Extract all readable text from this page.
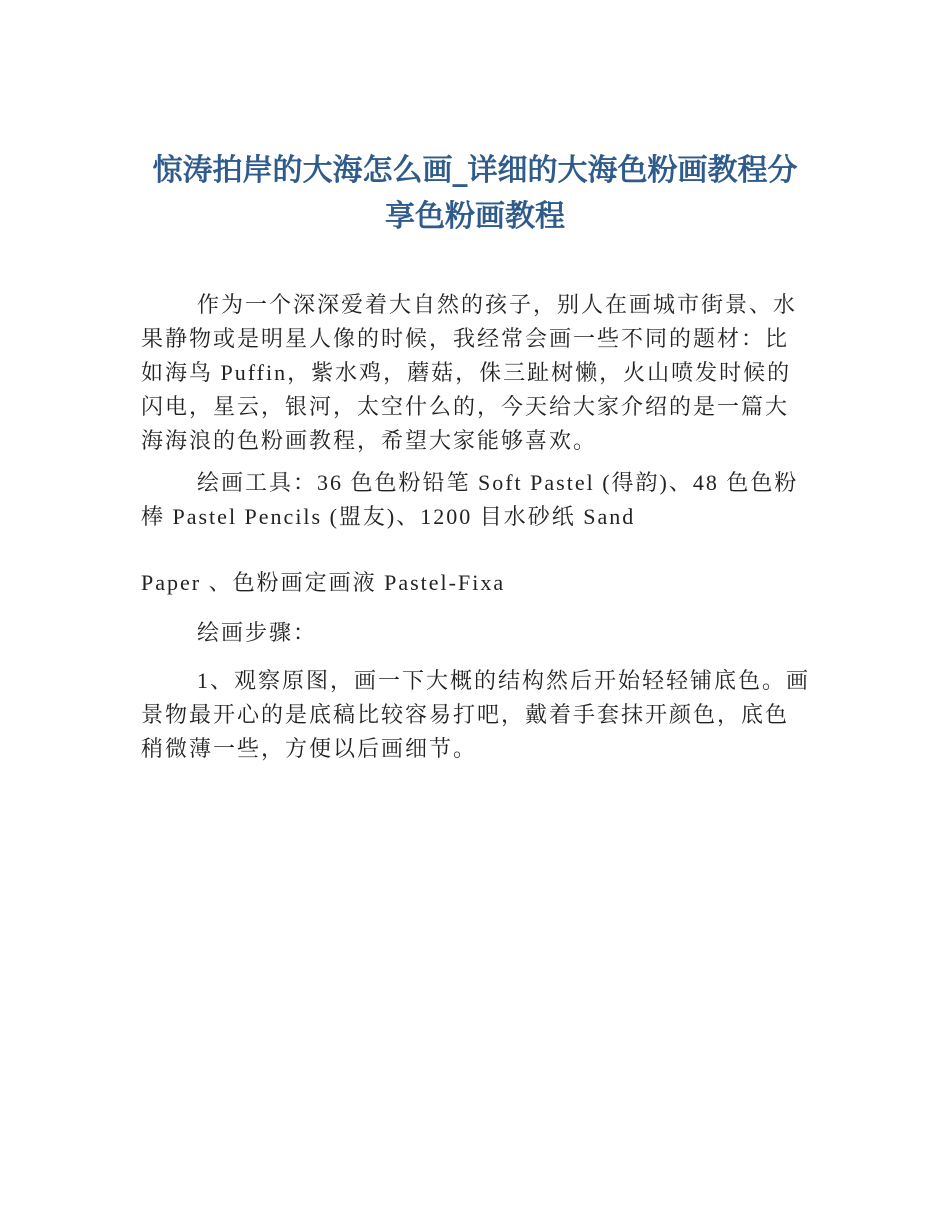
惊涛拍岸的大海怎么画_详细的大海色粉画教程分享色粉画教程

作为一个深深爱着大自然的孩子，别人在画城市街景、水果静物或是明星人像的时候，我经常会画一些不同的题材：比如海鸟 Puffin，紫水鸡，蘑菇，侏三趾树懒，火山喷发时候的闪电，星云，银河，太空什么的，今天给大家介绍的是一篇大海海浪的色粉画教程，希望大家能够喜欢。

绘画工具：36 色色粉铅笔 Soft Pastel (得韵)、48 色色粉棒 Pastel Pencils (盟友)、1200 目水砂纸 Sand

Paper 、色粉画定画液 Pastel-Fixa

绘画步骤：

1、观察原图，画一下大概的结构然后开始轻轻铺底色。画景物最开心的是底稿比较容易打吧，戴着手套抹开颜色，底色稍微薄一些，方便以后画细节。
